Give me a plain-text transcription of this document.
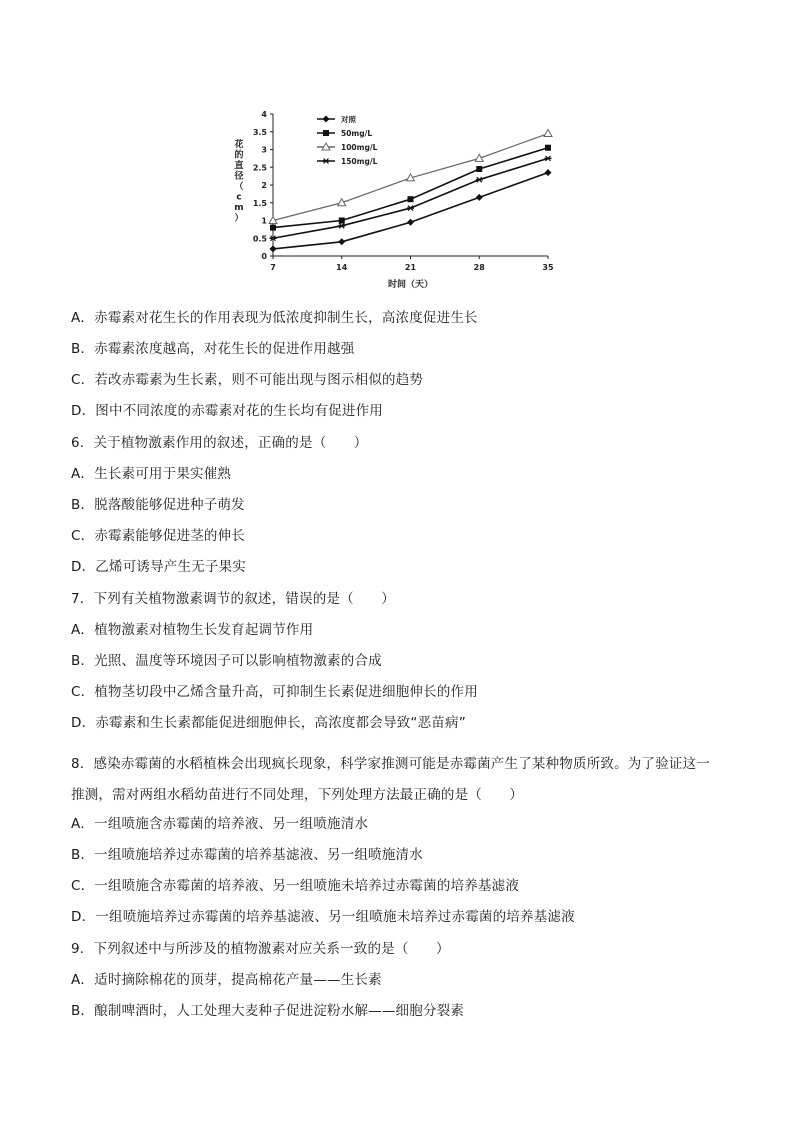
0
0.5
1
1.5
2
2.5
3
3.5
4
7	14	21	28	35
时间（天）
花的直径（ c m ）
对照
50mg/L
100mg/L
150mg/L
A．赤霉素对花生长的作用表现为低浓度抑制生长，高浓度促进生长
B．赤霉素浓度越高，对花生长的促进作用越强
C．若改赤霉素为生长素，则不可能出现与图示相似的趋势
D．图中不同浓度的赤霉素对花的生长均有促进作用
6．关于植物激素作用的叙述，正确的是（　　）
A．生长素可用于果实催熟
B．脱落酸能够促进种子萌发
C．赤霉素能够促进茎的伸长
D．乙烯可诱导产生无子果实
7．下列有关植物激素调节的叙述，错误的是（　　）
A．植物激素对植物生长发育起调节作用
B．光照、温度等环境因子可以影响植物激素的合成
C．植物茎切段中乙烯含量升高，可抑制生长素促进细胞伸长的作用
D．赤霉素和生长素都能促进细胞伸长，高浓度都会导致“恶苗病”
8．感染赤霉菌的水稻植株会出现疯长现象，科学家推测可能是赤霉菌产生了某种物质所致。为了验证这一推测，需对两组水稻幼苗进行不同处理，下列处理方法最正确的是（　　）
A．一组喷施含赤霉菌的培养液、另一组喷施清水
B．一组喷施培养过赤霉菌的培养基滤液、另一组喷施清水
C．一组喷施含赤霉菌的培养液、另一组喷施未培养过赤霉菌的培养基滤液
D．一组喷施培养过赤霉菌的培养基滤液、另一组喷施未培养过赤霉菌的培养基滤液
9．下列叙述中与所涉及的植物激素对应关系一致的是（　　）
A．适时摘除棉花的顶芽，提高棉花产量——生长素
B．酿制啤酒时，人工处理大麦种子促进淀粉水解——细胞分裂素
